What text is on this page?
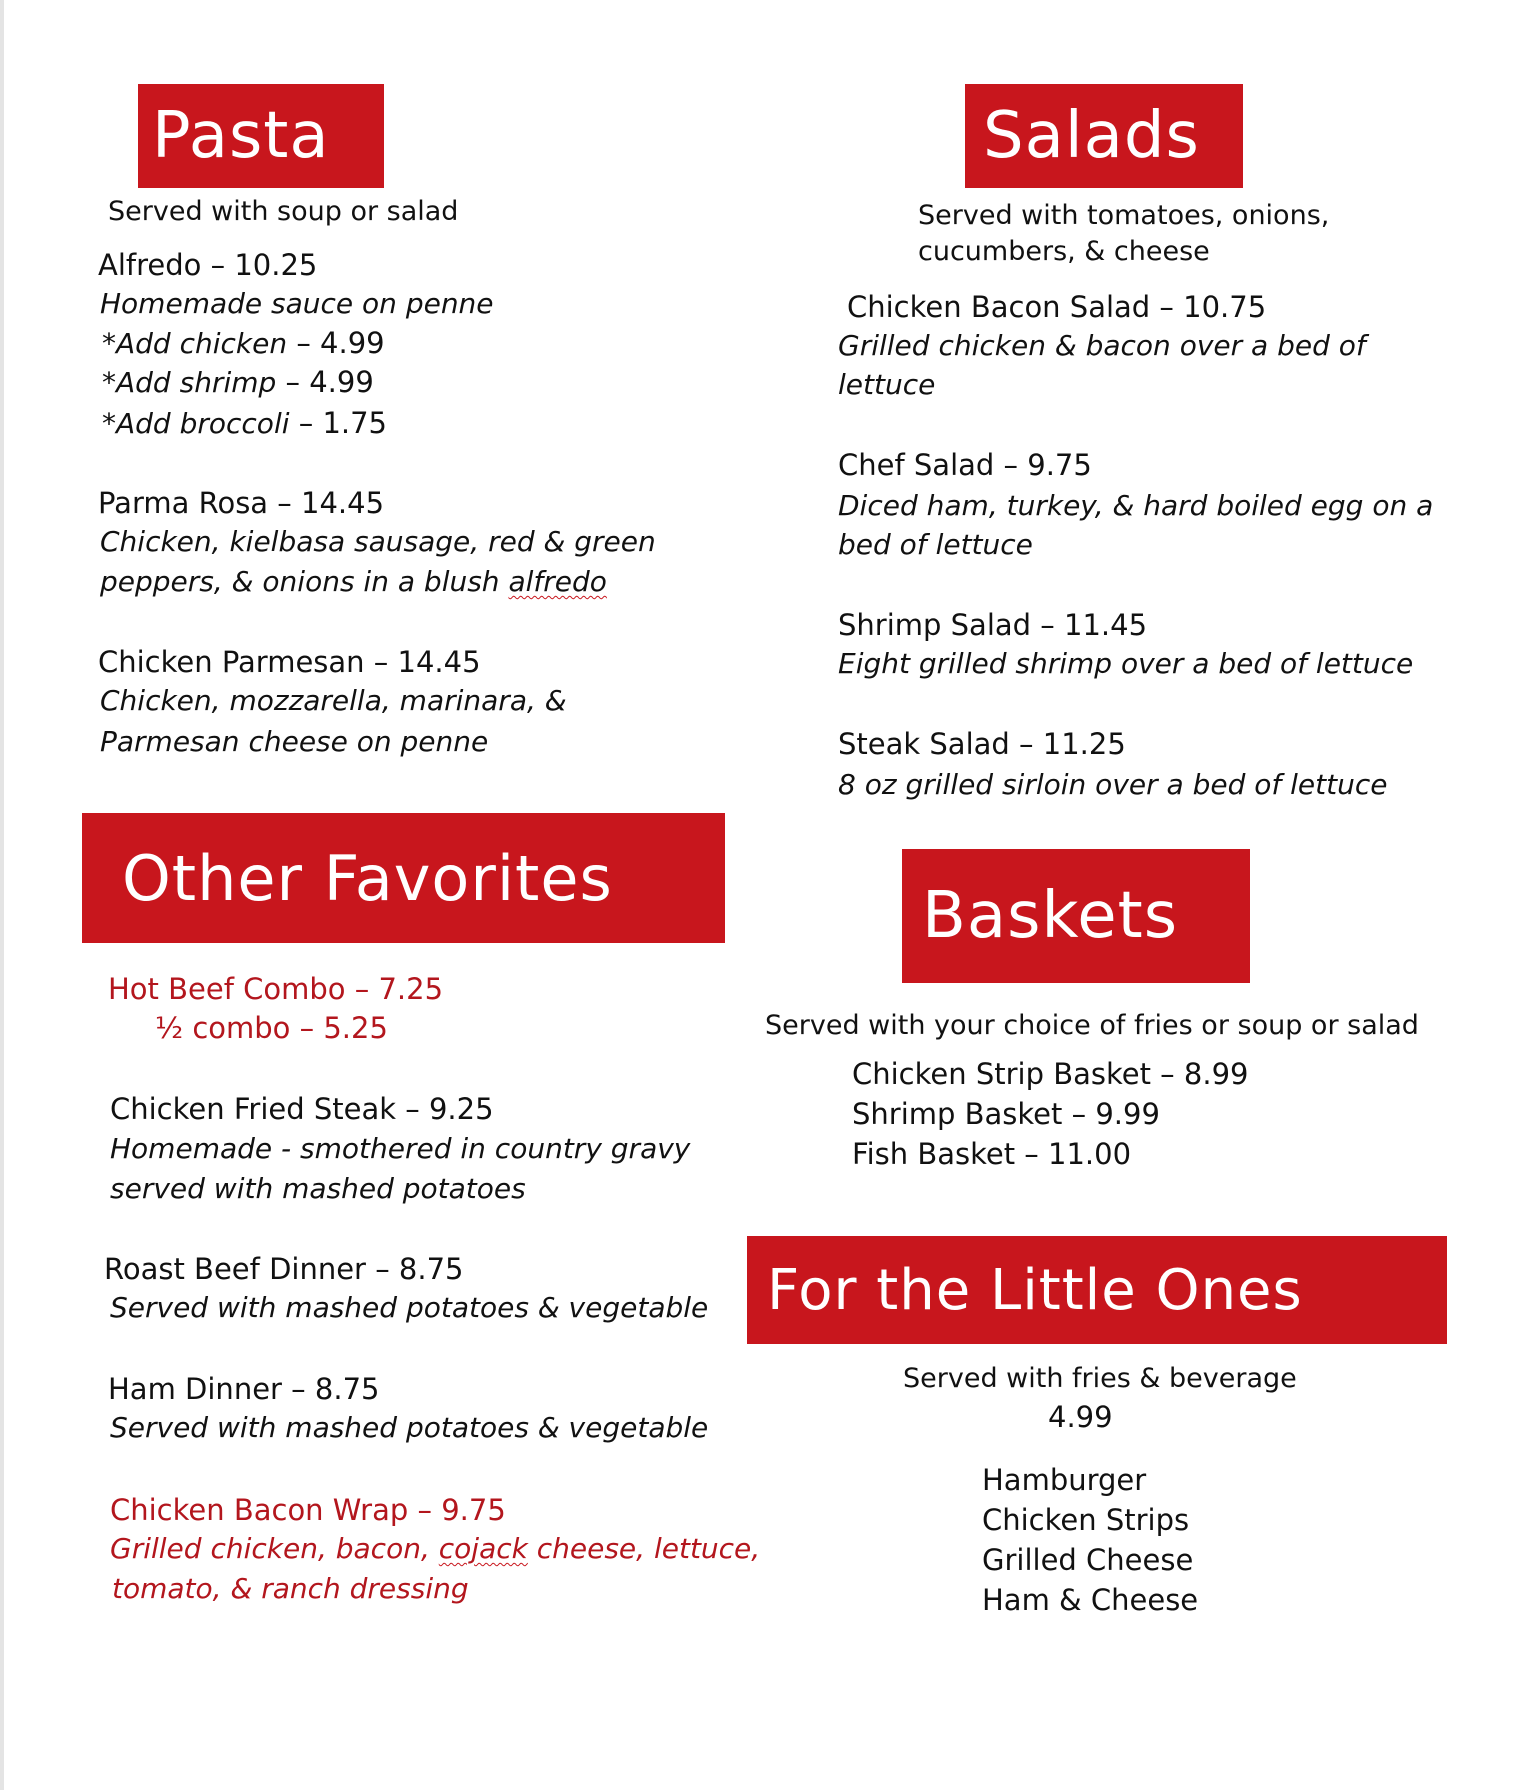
Pasta
Served with soup or salad
Alfredo – 10.25
Homemade sauce on penne
*Add chicken – 4.99
*Add shrimp – 4.99
*Add broccoli – 1.75
Parma Rosa – 14.45
Chicken, kielbasa sausage, red & green
peppers, & onions in a blush alfredo
Chicken Parmesan – 14.45
Chicken, mozzarella, marinara, &
Parmesan cheese on penne
Salads
Served with tomatoes, onions,
cucumbers, & cheese
Chicken Bacon Salad – 10.75
Grilled chicken & bacon over a bed of
lettuce
Chef Salad – 9.75
Diced ham, turkey, & hard boiled egg on a
bed of lettuce
Shrimp Salad – 11.45
Eight grilled shrimp over a bed of lettuce
Steak Salad – 11.25
8 oz grilled sirloin over a bed of lettuce
Other Favorites
Hot Beef Combo – 7.25
½ combo – 5.25
Chicken Fried Steak – 9.25
Homemade - smothered in country gravy
served with mashed potatoes
Roast Beef Dinner – 8.75
Served with mashed potatoes & vegetable
Ham Dinner – 8.75
Served with mashed potatoes & vegetable
Chicken Bacon Wrap – 9.75
Grilled chicken, bacon, cojack cheese, lettuce,
tomato, & ranch dressing
Baskets
Served with your choice of fries or soup or salad
Chicken Strip Basket – 8.99
Shrimp Basket – 9.99
Fish Basket – 11.00
For the Little Ones
Served with fries & beverage
4.99
Hamburger
Chicken Strips
Grilled Cheese
Ham & Cheese
